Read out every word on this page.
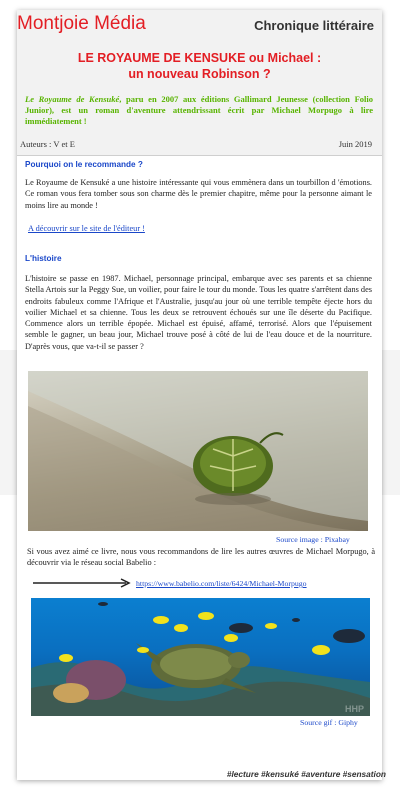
Montjoie Média	Chronique littéraire
LE ROYAUME DE KENSUKE ou Michael :
un nouveau Robinson ?
Le Royaume de Kensuké, paru en 2007 aux éditions Gallimard Jeunesse (collection Folio Junior), est un roman d'aventure attendrissant écrit par Michael Morpugo à lire immédiatement !
Auteurs : V et E	Juin 2019
Pourquoi on le recommande ?
Le Royaume de Kensuké a une histoire intéressante qui vous emmènera dans un tourbillon d 'émotions. Ce roman vous fera tomber sous son charme dès le premier chapitre, même pour la personne aimant le moins lire au monde !
A découvrir sur le site de l'éditeur !
L'histoire
L'histoire se passe en 1987. Michael, personnage principal, embarque avec ses parents et sa chienne Stella Artois sur la Peggy Sue, un voilier, pour faire le tour du monde. Tous les quatre s'arrêtent dans des endroits fabuleux comme l'Afrique et l'Australie, jusqu'au jour où une terrible tempête éjecte hors du voilier Michael et sa chienne. Tous les deux se retrouvent échoués sur une île déserte du Pacifique. Commence alors un terrible épopée. Michael est épuisé, affamé, terrorisé. Alors que l'épuisement semble le gagner, un beau jour, Michael trouve posé à côté de lui de l'eau douce et de la nourriture. D'après vous, que va-t-il se passer ?
Source image : Pixabay
Si vous avez aimé ce livre, nous vous recommandons de lire les autres œuvres de Michael Morpugo, à découvrir via le réseau social Babelio :
https://www.babelio.com/liste/6424/Michael-Morpugo
HHP
Source gif : Giphy
#lecture #kensuké #aventure #sensation
